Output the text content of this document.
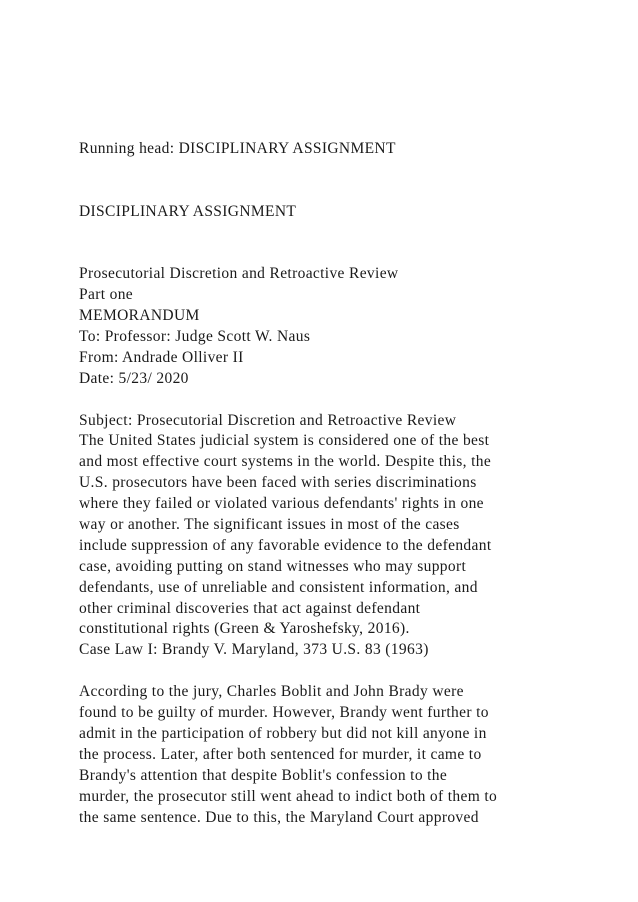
Running head: DISCIPLINARY ASSIGNMENT
DISCIPLINARY ASSIGNMENT
Prosecutorial Discretion and Retroactive Review
Part one
MEMORANDUM
To: Professor: Judge Scott W. Naus
From: Andrade Olliver II
Date: 5/23/ 2020
Subject: Prosecutorial Discretion and Retroactive Review
The United States judicial system is considered one of the best
and most effective court systems in the world. Despite this, the
U.S. prosecutors have been faced with series discriminations
where they failed or violated various defendants' rights in one
way or another. The significant issues in most of the cases
include suppression of any favorable evidence to the defendant
case, avoiding putting on stand witnesses who may support
defendants, use of unreliable and consistent information, and
other criminal discoveries that act against defendant
constitutional rights (Green & Yaroshefsky, 2016).
Case Law I: Brandy V. Maryland, 373 U.S. 83 (1963)
According to the jury, Charles Boblit and John Brady were
found to be guilty of murder. However, Brandy went further to
admit in the participation of robbery but did not kill anyone in
the process. Later, after both sentenced for murder, it came to
Brandy's attention that despite Boblit's confession to the
murder, the prosecutor still went ahead to indict both of them to
the same sentence. Due to this, the Maryland Court approved
